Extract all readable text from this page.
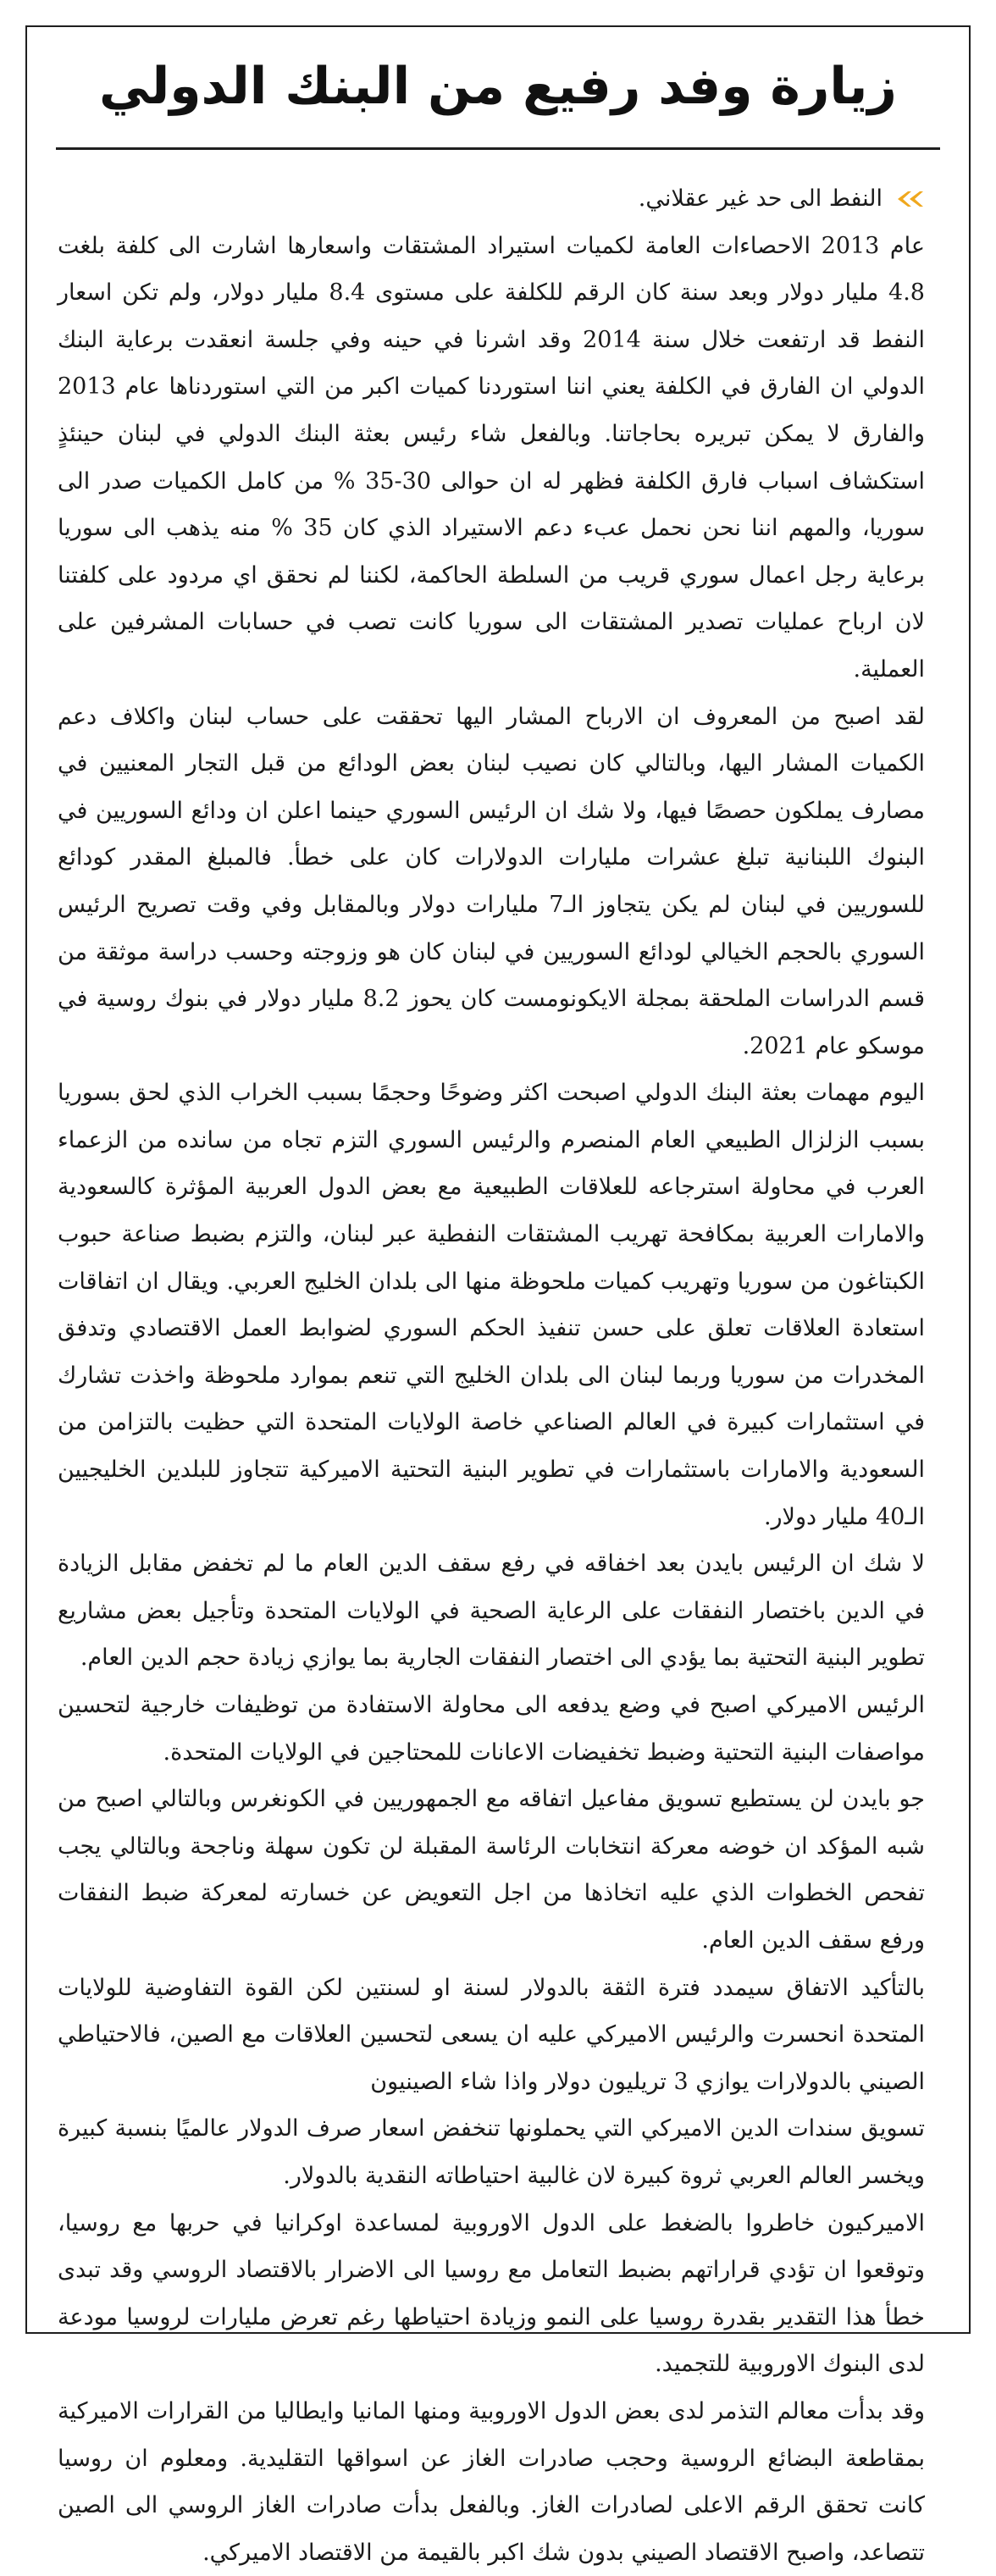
زيارة وفد رفيع من البنك الدولي
النفط الى حد غير عقلاني.

عام 2013 الاحصاءات العامة لكميات استيراد المشتقات واسعارها اشارت الى كلفة بلغت 4.8 مليار دولار وبعد سنة كان الرقم للكلفة على مستوى 8.4 مليار دولار، ولم تكن اسعار النفط قد ارتفعت خلال سنة 2014 وقد اشرنا في حينه وفي جلسة انعقدت برعاية البنك الدولي ان الفارق في الكلفة يعني اننا استوردنا كميات اكبر من التي استوردناها عام 2013 والفارق لا يمكن تبريره بحاجاتنا. وبالفعل شاء رئيس بعثة البنك الدولي في لبنان حينئذٍ استكشاف اسباب فارق الكلفة فظهر له ان حوالى 30-35 % من كامل الكميات صدر الى سوريا، والمهم اننا نحن نحمل عبء دعم الاستيراد الذي كان 35 % منه يذهب الى سوريا برعاية رجل اعمال سوري قريب من السلطة الحاكمة، لكننا لم نحقق اي مردود على كلفتنا لان ارباح عمليات تصدير المشتقات الى سوريا كانت تصب في حسابات المشرفين على العملية.

لقد اصبح من المعروف ان الارباح المشار اليها تحققت على حساب لبنان واكلاف دعم الكميات المشار اليها، وبالتالي كان نصيب لبنان بعض الودائع من قبل التجار المعنيين في مصارف يملكون حصصًا فيها، ولا شك ان الرئيس السوري حينما اعلن ان ودائع السوريين في البنوك اللبنانية تبلغ عشرات مليارات الدولارات كان على خطأ. فالمبلغ المقدر كودائع للسوريين في لبنان لم يكن يتجاوز الـ7 مليارات دولار وبالمقابل وفي وقت تصريح الرئيس السوري بالحجم الخيالي لودائع السوريين في لبنان كان هو وزوجته وحسب دراسة موثقة من قسم الدراسات الملحقة بمجلة الايكونومست كان يحوز 8.2 مليار دولار في بنوك روسية في موسكو عام 2021.

اليوم مهمات بعثة البنك الدولي اصبحت اكثر وضوحًا وحجمًا بسبب الخراب الذي لحق بسوريا بسبب الزلزال الطبيعي العام المنصرم والرئيس السوري التزم تجاه من سانده من الزعماء العرب في محاولة استرجاعه للعلاقات الطبيعية مع بعض الدول العربية المؤثرة كالسعودية والامارات العربية بمكافحة تهريب المشتقات النفطية عبر لبنان، والتزم بضبط صناعة حبوب الكبتاغون من سوريا وتهريب كميات ملحوظة منها الى بلدان الخليج العربي. ويقال ان اتفاقات استعادة العلاقات تعلق على حسن تنفيذ الحكم السوري لضوابط العمل الاقتصادي وتدفق المخدرات من سوريا وربما لبنان الى بلدان الخليج التي تنعم بموارد ملحوظة واخذت تشارك في استثمارات كبيرة في العالم الصناعي خاصة الولايات المتحدة التي حظيت بالتزامن من السعودية والامارات باستثمارات في تطوير البنية التحتية الاميركية تتجاوز للبلدين الخليجيين الـ40 مليار دولار.

لا شك ان الرئيس بايدن بعد اخفاقه في رفع سقف الدين العام ما لم تخفض مقابل الزيادة في الدين باختصار النفقات على الرعاية الصحية في الولايات المتحدة وتأجيل بعض مشاريع تطوير البنية التحتية بما يؤدي الى اختصار النفقات الجارية بما يوازي زيادة حجم الدين العام.

الرئيس الاميركي اصبح في وضع يدفعه الى محاولة الاستفادة من توظيفات خارجية لتحسين مواصفات البنية التحتية وضبط تخفيضات الاعانات للمحتاجين في الولايات المتحدة.

جو بايدن لن يستطيع تسويق مفاعيل اتفاقه مع الجمهوريين في الكونغرس وبالتالي اصبح من شبه المؤكد ان خوضه معركة انتخابات الرئاسة المقبلة لن تكون سهلة وناجحة وبالتالي يجب تفحص الخطوات الذي عليه اتخاذها من اجل التعويض عن خسارته لمعركة ضبط النفقات ورفع سقف الدين العام.

بالتأكيد الاتفاق سيمدد فترة الثقة بالدولار لسنة او لسنتين لكن القوة التفاوضية للولايات المتحدة انحسرت والرئيس الاميركي عليه ان يسعى لتحسين العلاقات مع الصين، فالاحتياطي الصيني بالدولارات يوازي 3 تريليون دولار واذا شاء الصينيون

تسويق سندات الدين الاميركي التي يحملونها تنخفض اسعار صرف الدولار عالميًا بنسبة كبيرة ويخسر العالم العربي ثروة كبيرة لان غالبية احتياطاته النقدية بالدولار.

الاميركيون خاطروا بالضغط على الدول الاوروبية لمساعدة اوكرانيا في حربها مع روسيا، وتوقعوا ان تؤدي قراراتهم بضبط التعامل مع روسيا الى الاضرار بالاقتصاد الروسي وقد تبدى خطأ هذا التقدير بقدرة روسيا على النمو وزيادة احتياطها رغم تعرض مليارات لروسيا مودعة لدى البنوك الاوروبية للتجميد.

وقد بدأت معالم التذمر لدى بعض الدول الاوروبية ومنها المانيا وايطاليا من القرارات الاميركية بمقاطعة البضائع الروسية وحجب صادرات الغاز عن اسواقها التقليدية. ومعلوم ان روسيا كانت تحقق الرقم الاعلى لصادرات الغاز. وبالفعل بدأت صادرات الغاز الروسي الى الصين تتصاعد، واصبح الاقتصاد الصيني بدون شك اكبر بالقيمة من الاقتصاد الاميركي.
